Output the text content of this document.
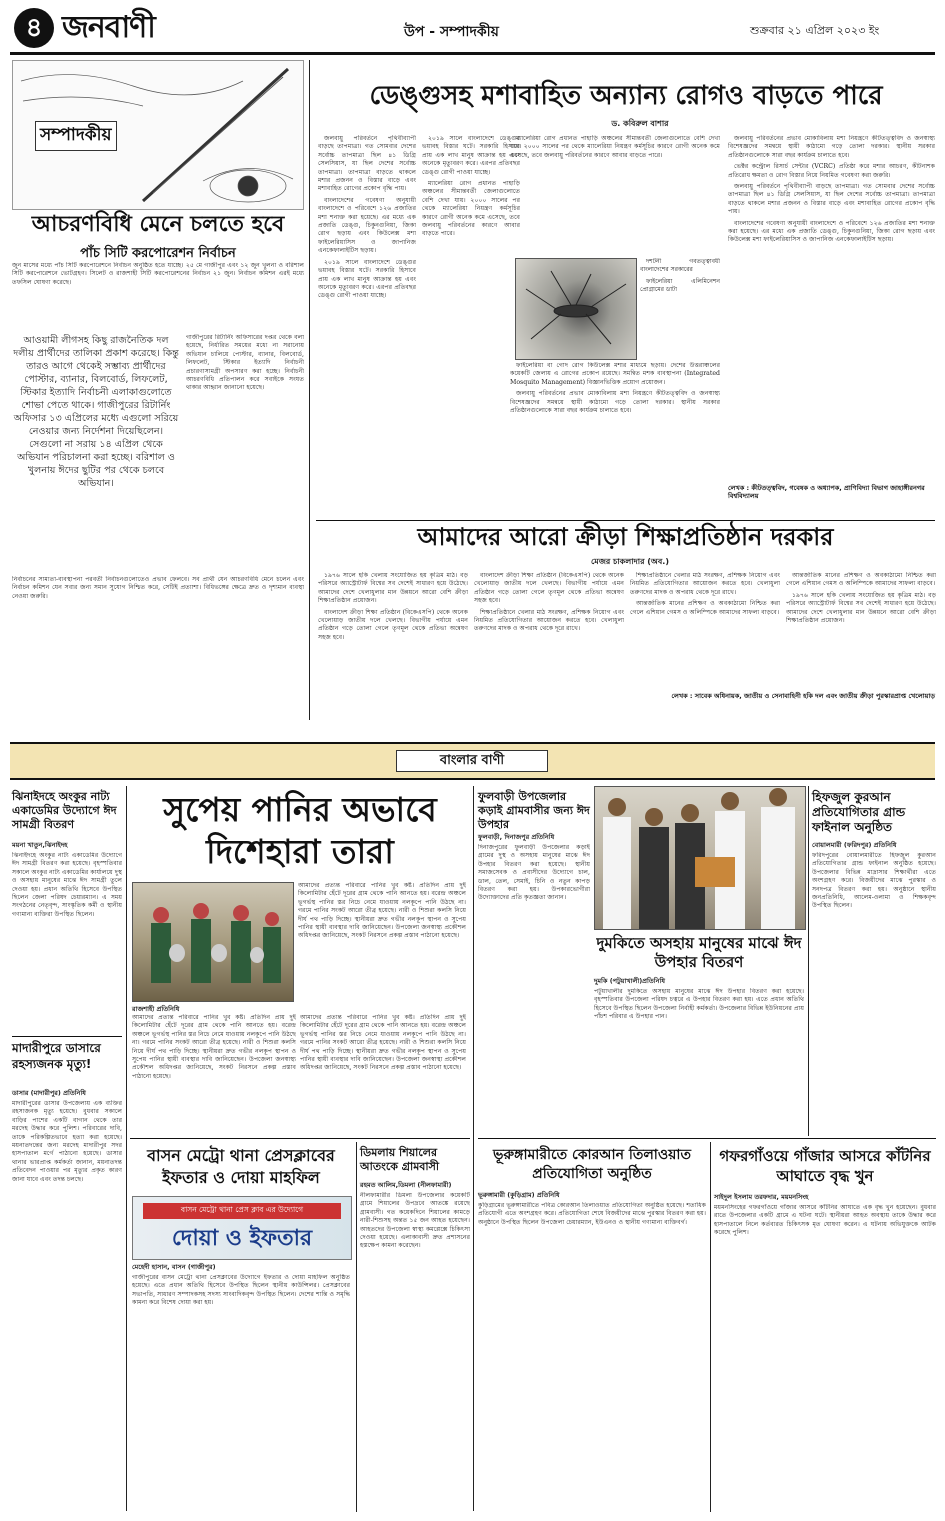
৪ জনবাণী	উপ - সম্পাদকীয়	শুক্রবার ২১ এপ্রিল ২০২৩ ইং
সম্পাদকীয়
ডেঙ্গুসহ মশাবাহিত অন্যান্য রোগও বাড়তে পারে
ড. কবিরুল বাশার

জলবায়ু পরিবর্তনে পৃথিবীব্যাপী বাড়ছে তাপমাত্রা। গত সোমবার দেশের সর্বোচ্চ তাপমাত্রা ছিল ৪১ ডিগ্রি সেলসিয়াস, যা ছিল দেশের সর্বোচ্চ তাপমাত্রা। তাপমাত্রা বাড়তে থাকলে মশার প্রজনন ও বিস্তার বাড়ে এবং মশাবাহিত রোগের প্রকোপ বৃদ্ধি পায়।

বাংলাদেশের গবেষণা অনুযায়ী বাংলাদেশে ও পরিবেশে ১২৬ প্রজাতির মশা শনাক্ত করা হয়েছে। এর মধ্যে এক প্রজাতি ডেঙ্গু, চিকুনগুনিয়া, জিকা রোগ ছড়ায় এবং কিউলেক্স মশা ফাইলেরিয়াসিস ও জাপানিজ এনকেফালাইটিস ছড়ায়।

২০১৯ সালে বাংলাদেশে ডেঙ্গুর ভয়াবহ বিস্তার ঘটে। সরকারি হিসাবে প্রায় এক লাখ মানুষ আক্রান্ত হয় এবং অনেকে মৃত্যুবরণ করে। এরপর প্রতিবছর ডেঙ্গু রোগী পাওয়া যাচ্ছে।

২০১৯ সালে বাংলাদেশে ডেঙ্গুর ভয়াবহ বিস্তার ঘটে। সরকারি হিসাবে প্রায় এক লাখ মানুষ আক্রান্ত হয় এবং অনেকে মৃত্যুবরণ করে। এরপর প্রতিবছর ডেঙ্গু রোগী পাওয়া যাচ্ছে।

ম্যালেরিয়া রোগ প্রধানত পাহাড়ি অঞ্চলের সীমান্তবর্তী জেলাগুলোতে বেশি দেখা যায়। ২০০০ সালের পর থেকে ম্যালেরিয়া নিয়ন্ত্রণ কর্মসূচির কারণে রোগী অনেক কমে এসেছে, তবে জলবায়ু পরিবর্তনের কারণে আবার বাড়তে পারে।

ম্যালেরিয়া রোগ প্রধানত পাহাড়ি অঞ্চলের সীমান্তবর্তী জেলাগুলোতে বেশি দেখা যায়। ২০০০ সালের পর থেকে ম্যালেরিয়া নিয়ন্ত্রণ কর্মসূচির কারণে রোগী অনেক কমে এসেছে, তবে জলবায়ু পরিবর্তনের কারণে আবার বাড়তে পারে।

দশটনী গবতত্ত্বাবধী বাংলাদেশের সরকারের

ফাইলেরিয়া এলিমিনেশন প্রোগ্রামের ডাটা

ফাইলেরিয়া বা গোদ রোগ কিউলেক্স মশার মাধ্যমে ছড়ায়। দেশের উত্তরাঞ্চলের কয়েকটি জেলায় এ রোগের প্রকোপ রয়েছে। সমন্বিত মশক ব্যবস্থাপনা (Integrated Mosquito Management) বিজ্ঞানভিত্তিক প্রয়োগ প্রয়োজন।

জলবায়ু পরিবর্তনের প্রভাব মোকাবিলায় মশা নিয়ন্ত্রণে কীটতত্ত্ববিদ ও জনস্বাস্থ্য বিশেষজ্ঞদের সমন্বয়ে স্থায়ী কাঠামো গড়ে তোলা দরকার। স্থানীয় সরকার প্রতিষ্ঠানগুলোকে সারা বছর কার্যক্রম চালাতে হবে।

জলবায়ু পরিবর্তনের প্রভাব মোকাবিলায় মশা নিয়ন্ত্রণে কীটতত্ত্ববিদ ও জনস্বাস্থ্য বিশেষজ্ঞদের সমন্বয়ে স্থায়ী কাঠামো গড়ে তোলা দরকার। স্থানীয় সরকার প্রতিষ্ঠানগুলোকে সারা বছর কার্যক্রম চালাতে হবে।

ভেক্টর কন্ট্রোল রিসার্চ সেন্টার (VCRC) প্রতিষ্ঠা করে মশার আচরণ, কীটনাশক প্রতিরোধ ক্ষমতা ও রোগ বিস্তার নিয়ে নিয়মিত গবেষণা করা জরুরি।

জলবায়ু পরিবর্তনে পৃথিবীব্যাপী বাড়ছে তাপমাত্রা। গত সোমবার দেশের সর্বোচ্চ তাপমাত্রা ছিল ৪১ ডিগ্রি সেলসিয়াস, যা ছিল দেশের সর্বোচ্চ তাপমাত্রা। তাপমাত্রা বাড়তে থাকলে মশার প্রজনন ও বিস্তার বাড়ে এবং মশাবাহিত রোগের প্রকোপ বৃদ্ধি পায়।

বাংলাদেশের গবেষণা অনুযায়ী বাংলাদেশে ও পরিবেশে ১২৬ প্রজাতির মশা শনাক্ত করা হয়েছে। এর মধ্যে এক প্রজাতি ডেঙ্গু, চিকুনগুনিয়া, জিকা রোগ ছড়ায় এবং কিউলেক্স মশা ফাইলেরিয়াসিস ও জাপানিজ এনকেফালাইটিস ছড়ায়।

লেখক : কীটতত্ত্ববিদ, গবেষক ও অধ্যাপক, প্রাণিবিদ্যা বিভাগ জাহাঙ্গীরনগর বিশ্ববিদ্যালয়
আচরণবিধি মেনে চলতে হবে
পাঁচ সিটি করপোরেশন নির্বাচন
জুন মাসের মধ্যে পাঁচ সিটি করপোরেশনে নির্বাচন অনুষ্ঠিত হতে যাচ্ছে। ২৫ মে গাজীপুর এবং ১২ জুন খুলনা ও বরিশাল সিটি করপোরেশনে ভোটগ্রহণ। সিলেট ও রাজশাহী সিটি করপোরেশনের নির্বাচন ২১ জুন। নির্বাচন কমিশন এরই মধ্যে তফসিল ঘোষণা করেছে।
আওয়ামী লীগসহ কিছু রাজনৈতিক দল দলীয় প্রার্থীদের তালিকা প্রকাশ করেছে। কিন্তু তারও আগে থেকেই সম্ভাব্য প্রার্থীদের পোস্টার, ব্যানার, বিলবোর্ড, লিফলেট, স্টিকার ইত্যাদি নির্বাচনী এলাকাগুলোতে শোভা পেতে থাকে। গাজীপুরের রিটার্নিং অফিসার ১৩ এপ্রিলের মধ্যে এগুলো সরিয়ে নেওয়ার জন্য নির্দেশনা দিয়েছিলেন। সেগুলো না সরায় ১৪ এপ্রিল থেকে অভিযান পরিচালনা করা হচ্ছে। বরিশাল ও খুলনায় ঈদের ছুটির পর থেকে চলবে অভিযান।
গাজীপুরের রিটার্নিং অফিসারের দপ্তর থেকে বলা হয়েছে, নির্ধারিত সময়ের মধ্যে না সরানোয় অভিযান চালিয়ে পোস্টার, ব্যানার, বিলবোর্ড, লিফলেট, স্টিকার ইত্যাদি নির্বাচনী প্রচারণাসামগ্রী অপসারণ করা হচ্ছে। নির্বাচনী আচরণবিধি প্রতিপালন করে সবাইকে সংযত থাকার আহ্বান জানানো হয়েছে।
নির্বাচনের সাম্যতা-ব্যবস্থাপনা পরবর্তী নির্বাচনগুলোতেও প্রভাব ফেলবে। সব প্রার্থী যেন আচরণবিধি মেনে চলেন এবং নির্বাচন কমিশন যেন সবার জন্য সমান সুযোগ নিশ্চিত করে, সেটিই প্রত্যাশা। বিধিভঙ্গের ক্ষেত্রে দ্রুত ও দৃশ্যমান ব্যবস্থা নেওয়া জরুরি।
আমাদের আরো ক্রীড়া শিক্ষাপ্রতিষ্ঠান দরকার
মেজর চাকলাদার (অব.)

১৯৭৬ সালে হকি খেলায় সংযোজিত হয় কৃত্রিম মাঠ। বড় পরিসরে অ্যাস্ট্রোটার্ফ বিশ্বের সব দেশেই সাধারণ হয়ে উঠেছে। আমাদের দেশে খেলাধুলার মান উন্নয়নে আরো বেশি ক্রীড়া শিক্ষাপ্রতিষ্ঠান প্রয়োজন।

বাংলাদেশ ক্রীড়া শিক্ষা প্রতিষ্ঠান (বিকেএসপি) থেকে অনেক খেলোয়াড় জাতীয় দলে খেলছে। বিভাগীয় পর্যায়ে এমন প্রতিষ্ঠান গড়ে তোলা গেলে তৃণমূল থেকে প্রতিভা অন্বেষণ সহজ হবে।

বাংলাদেশ ক্রীড়া শিক্ষা প্রতিষ্ঠান (বিকেএসপি) থেকে অনেক খেলোয়াড় জাতীয় দলে খেলছে। বিভাগীয় পর্যায়ে এমন প্রতিষ্ঠান গড়ে তোলা গেলে তৃণমূল থেকে প্রতিভা অন্বেষণ সহজ হবে।

শিক্ষাপ্রতিষ্ঠানে খেলার মাঠ সংরক্ষণ, প্রশিক্ষক নিয়োগ এবং নিয়মিত প্রতিযোগিতার আয়োজন করতে হবে। খেলাধুলা তরুণদের মাদক ও অপরাধ থেকে দূরে রাখে।

শিক্ষাপ্রতিষ্ঠানে খেলার মাঠ সংরক্ষণ, প্রশিক্ষক নিয়োগ এবং নিয়মিত প্রতিযোগিতার আয়োজন করতে হবে। খেলাধুলা তরুণদের মাদক ও অপরাধ থেকে দূরে রাখে।

আন্তর্জাতিক মানের প্রশিক্ষণ ও অবকাঠামো নিশ্চিত করা গেলে এশিয়ান গেমস ও অলিম্পিকে আমাদের সাফল্য বাড়বে।

আন্তর্জাতিক মানের প্রশিক্ষণ ও অবকাঠামো নিশ্চিত করা গেলে এশিয়ান গেমস ও অলিম্পিকে আমাদের সাফল্য বাড়বে।

১৯৭৬ সালে হকি খেলায় সংযোজিত হয় কৃত্রিম মাঠ। বড় পরিসরে অ্যাস্ট্রোটার্ফ বিশ্বের সব দেশেই সাধারণ হয়ে উঠেছে। আমাদের দেশে খেলাধুলার মান উন্নয়নে আরো বেশি ক্রীড়া শিক্ষাপ্রতিষ্ঠান প্রয়োজন।

লেখক : সাবেক অধিনায়ক, জাতীয় ও সেনাবাহিনী হকি দল এবং জাতীয় ক্রীড়া পুরস্কারপ্রাপ্ত খেলোয়াড়
বাংলার বাণী
ঝিনাইদহে অংকুর নাট্য একাডেমির উদ্যোগে ঈদ সামগ্রী বিতরণ
ময়না খাতুন,ঝিনাইদহ
ঝিনাইদহে অংকুর নাট্য একাডেমির উদ্যোগে ঈদ সামগ্রী বিতরণ করা হয়েছে। বৃহস্পতিবার সকালে অংকুর নাট্য একাডেমির কার্যালয়ে দুস্থ ও অসহায় মানুষের মাঝে ঈদ সামগ্রী তুলে দেওয়া হয়। প্রধান অতিথি হিসেবে উপস্থিত ছিলেন জেলা পরিষদ চেয়ারম্যান। এ সময় সংগঠনের নেতৃবৃন্দ, সাংস্কৃতিক কর্মী ও স্থানীয় গণ্যমান্য ব্যক্তিরা উপস্থিত ছিলেন।
মাদারীপুরে ডাসারে রহস্যজনক মৃত্যু!
ডাসার (মাদারীপুর) প্রতিনিধি
মাদারীপুরের ডাসার উপজেলায় এক ব্যক্তির রহস্যজনক মৃত্যু হয়েছে। বুধবার সকালে বাড়ির পাশের একটি বাগান থেকে তার মরদেহ উদ্ধার করে পুলিশ। পরিবারের দাবি, তাকে পরিকল্পিতভাবে হত্যা করা হয়েছে। ময়নাতদন্তের জন্য মরদেহ মাদারীপুর সদর হাসপাতাল মর্গে পাঠানো হয়েছে। ডাসার থানার ভারপ্রাপ্ত কর্মকর্তা জানান, ময়নাতদন্ত প্রতিবেদন পাওয়ার পর মৃত্যুর প্রকৃত কারণ জানা যাবে এবং তদন্ত চলছে।
সুপেয় পানির অভাবে
দিশেহারা তারা
রাজশাহী প্রতিনিধি
আমাদের প্রত্যন্ত পরিবারে পানির খুব কষ্ট। প্রতিদিন প্রায় দুই কিলোমিটার হেঁটে দূরের গ্রাম থেকে পানি আনতে হয়। বরেন্দ্র অঞ্চলে ভূগর্ভস্থ পানির স্তর নিচে নেমে যাওয়ায় নলকূপে পানি উঠছে না। গরমে পানির সংকট আরো তীব্র হয়েছে। নারী ও শিশুরা কলসি নিয়ে দীর্ঘ পথ পাড়ি দিচ্ছে। স্থানীয়রা দ্রুত গভীর নলকূপ স্থাপন ও সুপেয় পানির স্থায়ী ব্যবস্থার দাবি জানিয়েছেন। উপজেলা জনস্বাস্থ্য প্রকৌশল অধিদপ্তর জানিয়েছে, সংকট নিরসনে প্রকল্প প্রস্তাব পাঠানো হয়েছে।
আমাদের প্রত্যন্ত পরিবারে পানির খুব কষ্ট। প্রতিদিন প্রায় দুই কিলোমিটার হেঁটে দূরের গ্রাম থেকে পানি আনতে হয়। বরেন্দ্র অঞ্চলে ভূগর্ভস্থ পানির স্তর নিচে নেমে যাওয়ায় নলকূপে পানি উঠছে না। গরমে পানির সংকট আরো তীব্র হয়েছে। নারী ও শিশুরা কলসি নিয়ে দীর্ঘ পথ পাড়ি দিচ্ছে। স্থানীয়রা দ্রুত গভীর নলকূপ স্থাপন ও সুপেয় পানির স্থায়ী ব্যবস্থার দাবি জানিয়েছেন। উপজেলা জনস্বাস্থ্য প্রকৌশল অধিদপ্তর জানিয়েছে, সংকট নিরসনে প্রকল্প প্রস্তাব পাঠানো হয়েছে।
আমাদের প্রত্যন্ত পরিবারে পানির খুব কষ্ট। প্রতিদিন প্রায় দুই কিলোমিটার হেঁটে দূরের গ্রাম থেকে পানি আনতে হয়। বরেন্দ্র অঞ্চলে ভূগর্ভস্থ পানির স্তর নিচে নেমে যাওয়ায় নলকূপে পানি উঠছে না। গরমে পানির সংকট আরো তীব্র হয়েছে। নারী ও শিশুরা কলসি নিয়ে দীর্ঘ পথ পাড়ি দিচ্ছে। স্থানীয়রা দ্রুত গভীর নলকূপ স্থাপন ও সুপেয় পানির স্থায়ী ব্যবস্থার দাবি জানিয়েছেন। উপজেলা জনস্বাস্থ্য প্রকৌশল অধিদপ্তর জানিয়েছে, সংকট নিরসনে প্রকল্প প্রস্তাব পাঠানো হয়েছে।
বাসন মেট্রো থানা প্রেসক্লাবের
ইফতার ও দোয়া মাহফিল
বাসন মেট্রো থানা প্রেস ক্লাব এর উদ্যোগে
দোয়া ও ইফতার
মেহেদী হাসান, বাসন (গাজীপুর)
গাজীপুরের বাসন মেট্রো থানা প্রেসক্লাবের উদ্যোগে ইফতার ও দোয়া মাহফিল অনুষ্ঠিত হয়েছে। এতে প্রধান অতিথি হিসেবে উপস্থিত ছিলেন স্থানীয় কাউন্সিলর। প্রেসক্লাবের সভাপতি, সাধারণ সম্পাদকসহ সদস্য সাংবাদিকবৃন্দ উপস্থিত ছিলেন। দেশের শান্তি ও সমৃদ্ধি কামনা করে বিশেষ দোয়া করা হয়।
ডিমলায় শিয়ালের আতংকে গ্রামবাসী
রহমত আলিম,ডিমলা (নীলফামারী)
নীলফামারীর ডিমলা উপজেলার কয়েকটি গ্রামে শিয়ালের উপদ্রবে আতঙ্কে রয়েছে গ্রামবাসী। গত কয়েকদিনে শিয়ালের কামড়ে নারী-শিশুসহ অন্তত ১৫ জন আহত হয়েছেন। আহতদের উপজেলা স্বাস্থ্য কমপ্লেক্সে চিকিৎসা দেওয়া হয়েছে। এলাকাবাসী দ্রুত প্রশাসনের হস্তক্ষেপ কামনা করেছেন।
ফুলবাড়ী উপজেলার কড়াই গ্রামবাসীর জন্য ঈদ উপহার
ফুলবাড়ী, দিনাজপুর প্রতিনিধি
দিনাজপুরের ফুলবাড়ী উপজেলার কড়াই গ্রামের দুস্থ ও অসহায় মানুষের মাঝে ঈদ উপহার বিতরণ করা হয়েছে। স্থানীয় সমাজসেবক ও প্রবাসীদের উদ্যোগে চাল, ডাল, তেল, সেমাই, চিনি ও নতুন কাপড় বিতরণ করা হয়। উপকারভোগীরা উদ্যোক্তাদের প্রতি কৃতজ্ঞতা জানান।
দুমকিতে অসহায় মানুষের মাঝে ঈদ উপহার বিতরণ
দুমকি (পটুয়াখালী)প্রতিনিধি
পটুয়াখালীর দুমকিতে অসহায় মানুষের মাঝে ঈদ উপহার বিতরণ করা হয়েছে। বৃহস্পতিবার উপজেলা পরিষদ চত্বরে এ উপহার বিতরণ করা হয়। এতে প্রধান অতিথি হিসেবে উপস্থিত ছিলেন উপজেলা নির্বাহী কর্মকর্তা। উপজেলার বিভিন্ন ইউনিয়নের প্রায় পাঁচশ পরিবার এ উপহার পান।
হিফজুল কুরআন প্রতিযোগিতার গ্রান্ড ফাইনাল অনুষ্ঠিত
বোয়ালমারী (ফরিদপুর) প্রতিনিধি
ফরিদপুরের বোয়ালমারীতে হিফজুল কুরআন প্রতিযোগিতার গ্রান্ড ফাইনাল অনুষ্ঠিত হয়েছে। উপজেলার বিভিন্ন মাদ্রাসার শিক্ষার্থীরা এতে অংশগ্রহণ করে। বিজয়ীদের মাঝে পুরস্কার ও সনদপত্র বিতরণ করা হয়। অনুষ্ঠানে স্থানীয় জনপ্রতিনিধি, আলেম-ওলামা ও শিক্ষকবৃন্দ উপস্থিত ছিলেন।
ভূরুঙ্গামারীতে কোরআন তিলাওয়াত প্রতিযোগিতা অনুষ্ঠিত
ভূরুঙ্গামারী (কুড়িগ্রাম) প্রতিনিধি
কুড়িগ্রামের ভূরুঙ্গামারীতে পবিত্র কোরআন তিলাওয়াত প্রতিযোগিতা অনুষ্ঠিত হয়েছে। শতাধিক প্রতিযোগী এতে অংশগ্রহণ করে। প্রতিযোগিতা শেষে বিজয়ীদের মাঝে পুরস্কার বিতরণ করা হয়। অনুষ্ঠানে উপস্থিত ছিলেন উপজেলা চেয়ারম্যান, ইউএনও ও স্থানীয় গণ্যমান্য ব্যক্তিবর্গ।
গফরগাঁওয়ে গাঁজার আসরে কাঁটনির আঘাতে বৃদ্ধ খুন
সাইদুল ইসলাম তরফদার, ময়মনসিংহ
ময়মনসিংহের গফরগাঁওয়ে গাঁজার আসরে কাঁটনির আঘাতে এক বৃদ্ধ খুন হয়েছেন। বুধবার রাতে উপজেলার একটি গ্রামে এ ঘটনা ঘটে। স্থানীয়রা আহত অবস্থায় তাকে উদ্ধার করে হাসপাতালে নিলে কর্তব্যরত চিকিৎসক মৃত ঘোষণা করেন। এ ঘটনায় অভিযুক্তকে আটক করেছে পুলিশ।
